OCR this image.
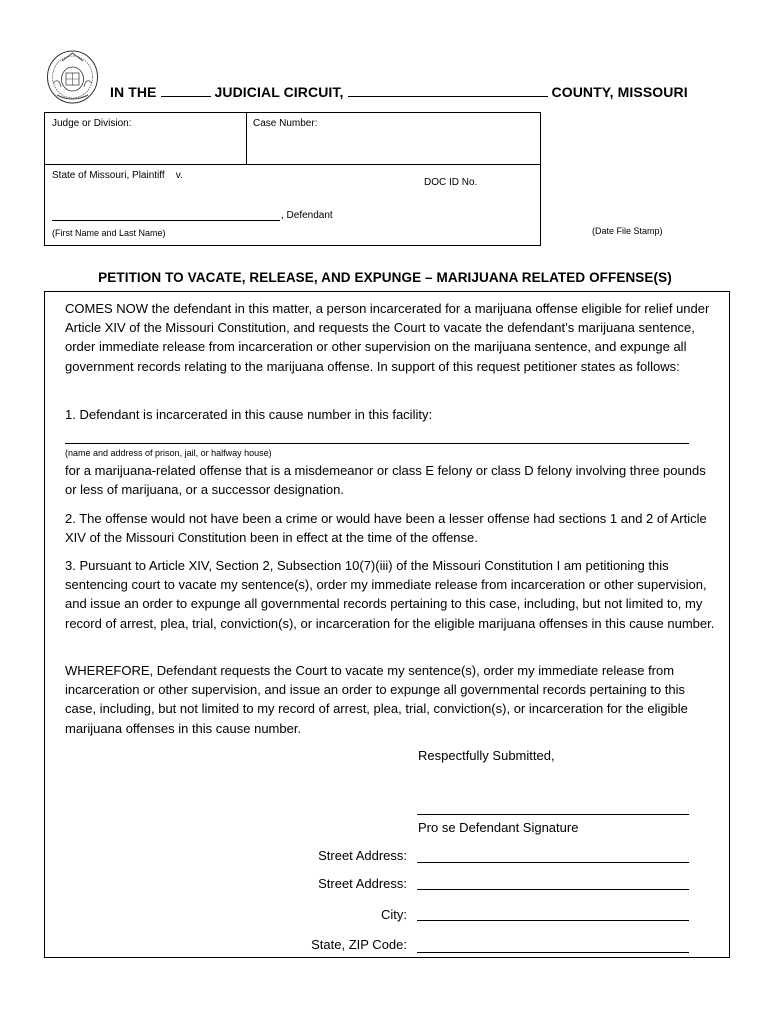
IN THE	JUDICIAL CIRCUIT,	COUNTY, MISSOURI
Judge or Division:	Case Number:
State of Missouri, Plaintiff    v.
DOC ID No.
, Defendant
(First Name and Last Name)	(Date File Stamp)
PETITION TO VACATE, RELEASE, AND EXPUNGE – MARIJUANA RELATED OFFENSE(S)
COMES NOW the defendant in this matter, a person incarcerated for a marijuana offense eligible for relief under Article XIV of the Missouri Constitution, and requests the Court to vacate the defendant’s marijuana sentence, order immediate release from incarceration or other supervision on the marijuana sentence, and expunge all government records relating to the marijuana offense. In support of this request petitioner states as follows:
1. Defendant is incarcerated in this cause number in this facility:
(name and address of prison, jail, or halfway house)
for a marijuana-related offense that is a misdemeanor or class E felony or class D felony involving three pounds or less of marijuana, or a successor designation.
2. The offense would not have been a crime or would have been a lesser offense had sections 1 and 2 of Article XIV of the Missouri Constitution been in effect at the time of the offense.
3. Pursuant to Article XIV, Section 2, Subsection 10(7)(iii) of the Missouri Constitution I am petitioning this sentencing court to vacate my sentence(s), order my immediate release from incarceration or other supervision, and issue an order to expunge all governmental records pertaining to this case, including, but not limited to, my record of arrest, plea, trial, conviction(s), or incarceration for the eligible marijuana offenses in this cause number.
WHEREFORE, Defendant requests the Court to vacate my sentence(s), order my immediate release from incarceration or other supervision, and issue an order to expunge all governmental records pertaining to this case, including, but not limited to my record of arrest, plea, trial, conviction(s), or incarceration for the eligible marijuana offenses in this cause number.
Respectfully Submitted,
Pro se Defendant Signature
Street Address:
Street Address:
City:
State, ZIP Code:
